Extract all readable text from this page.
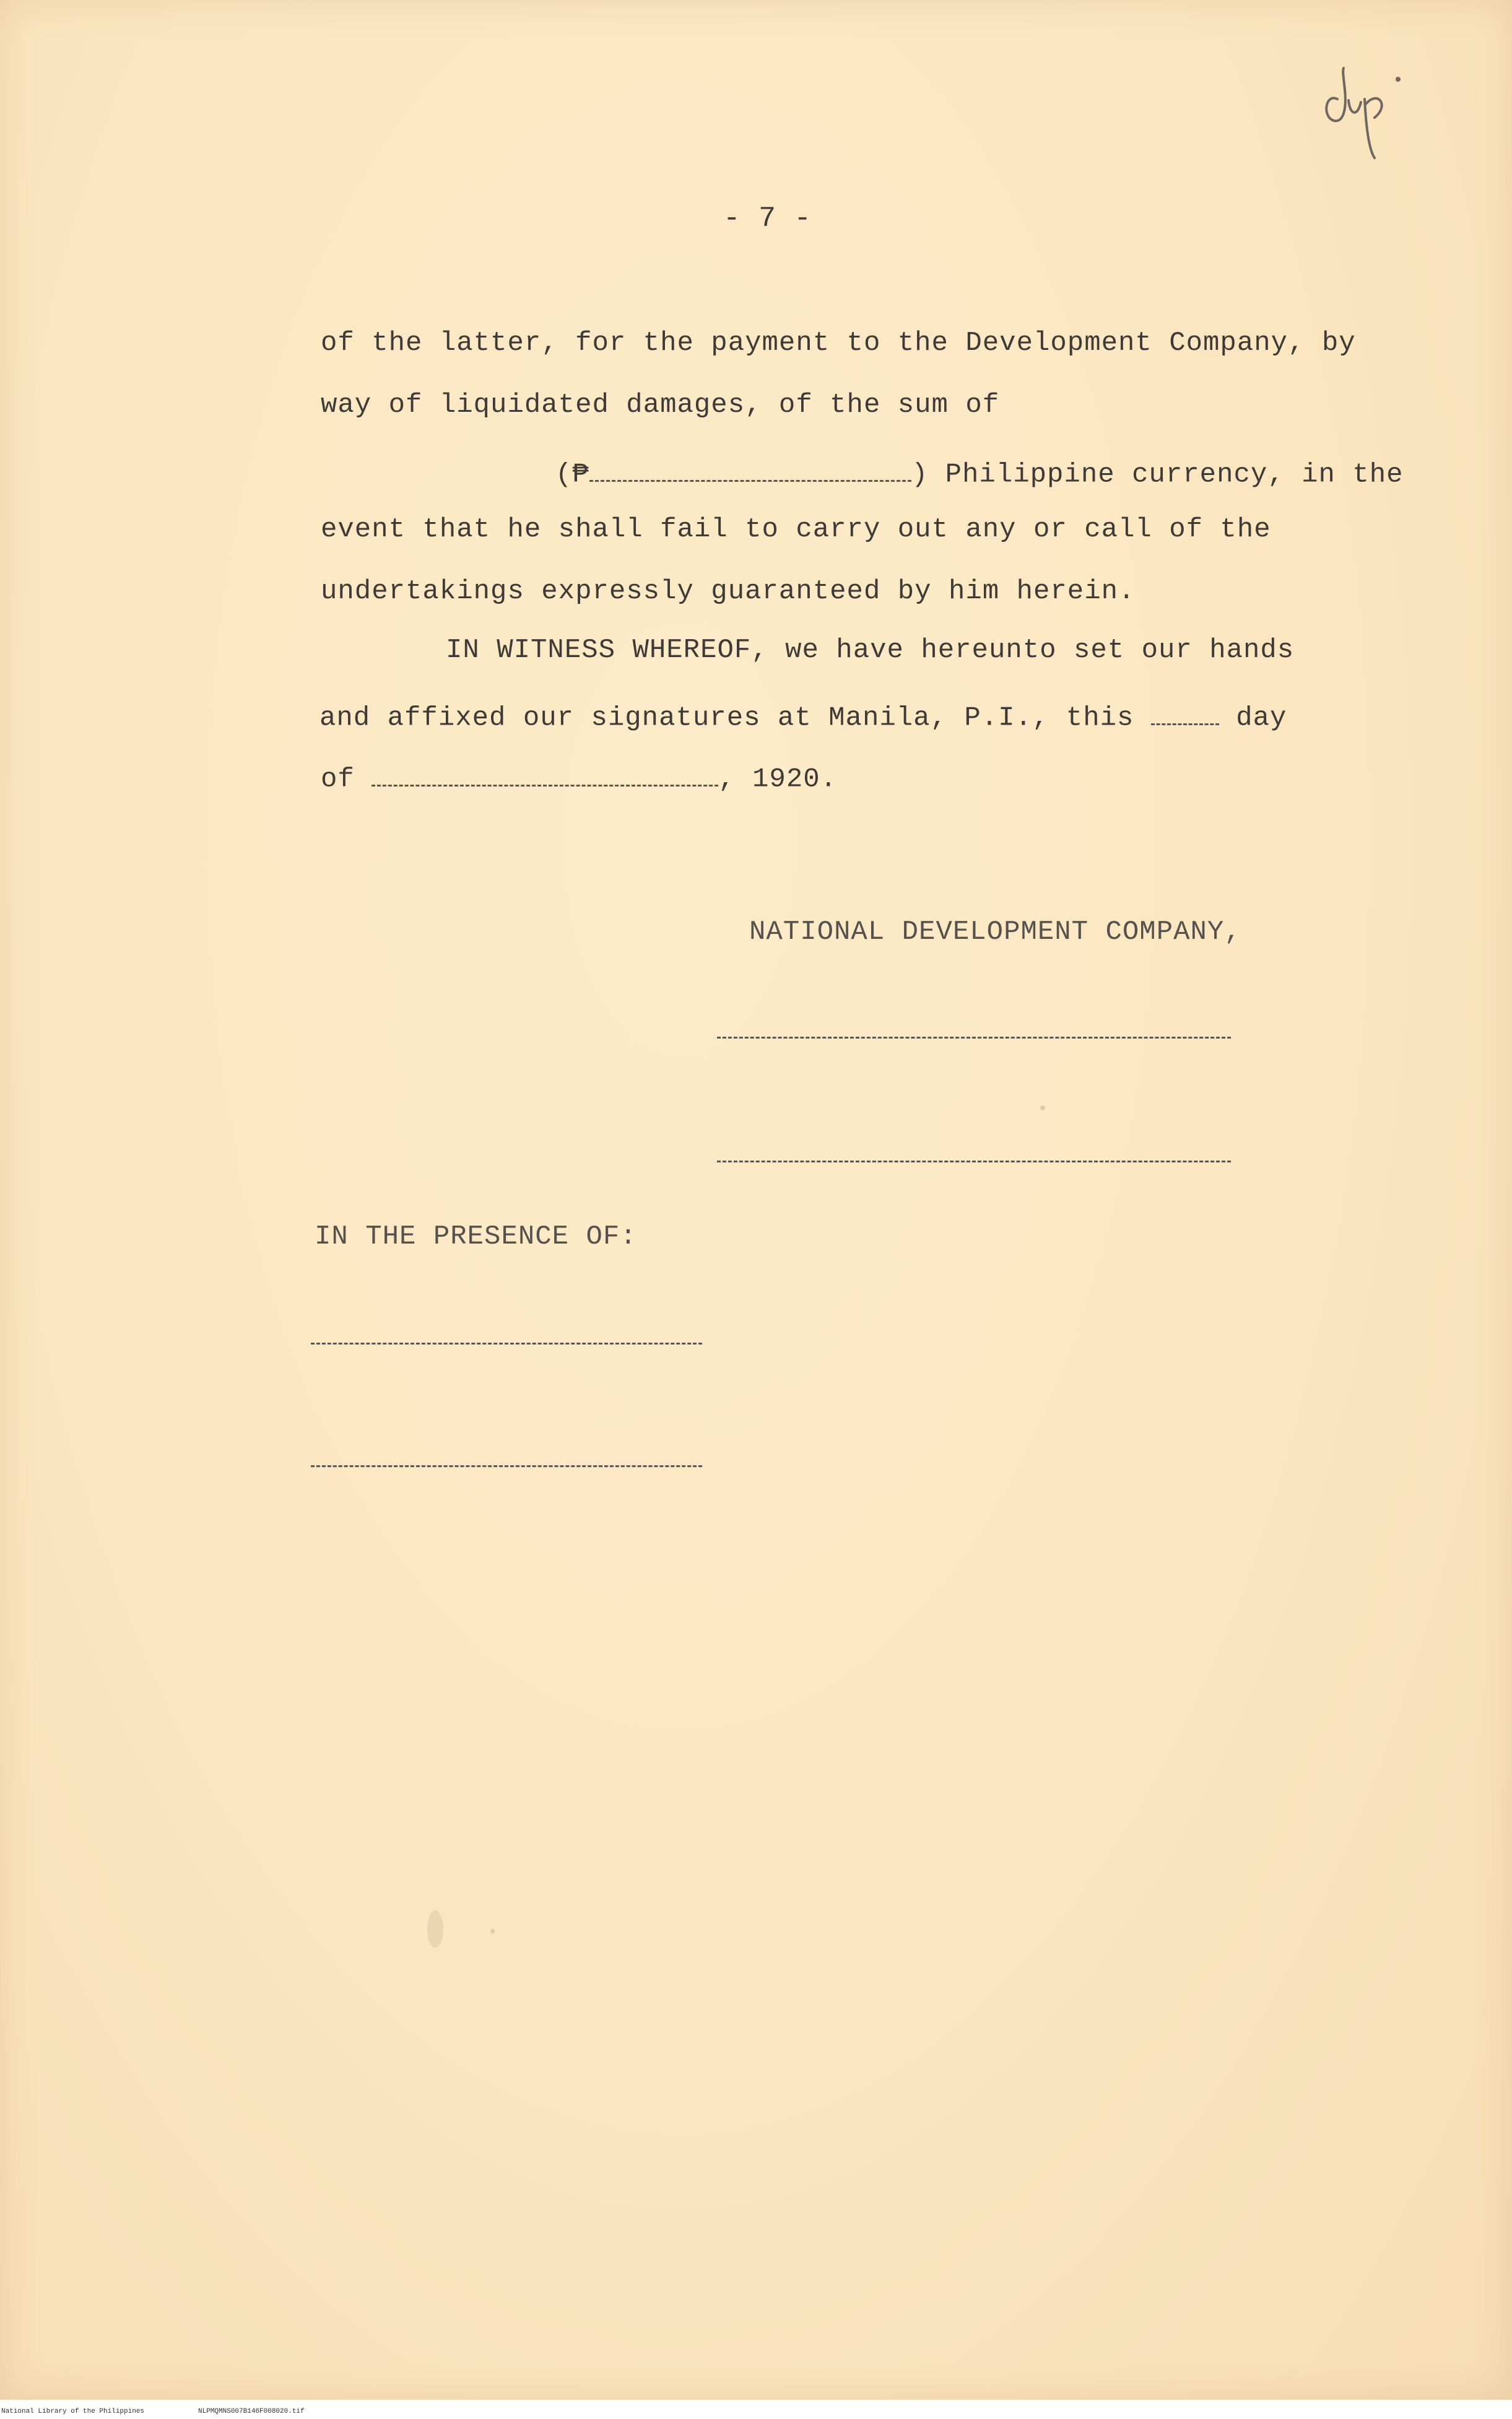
- 7 -
of the latter, for the payment to the Development Company, by
way of liquidated damages, of the sum of
(₱	) Philippine currency, in the
event that he shall fail to carry out any or call of the
undertakings expressly guaranteed by him herein.
IN WITNESS WHEREOF, we have hereunto set our hands
and affixed our signatures at Manila, P.I., this	day
of	, 1920.
NATIONAL DEVELOPMENT COMPANY,
IN THE PRESENCE OF:
National Library of the Philippines	NLPMQMNS007B146F008020.tif
